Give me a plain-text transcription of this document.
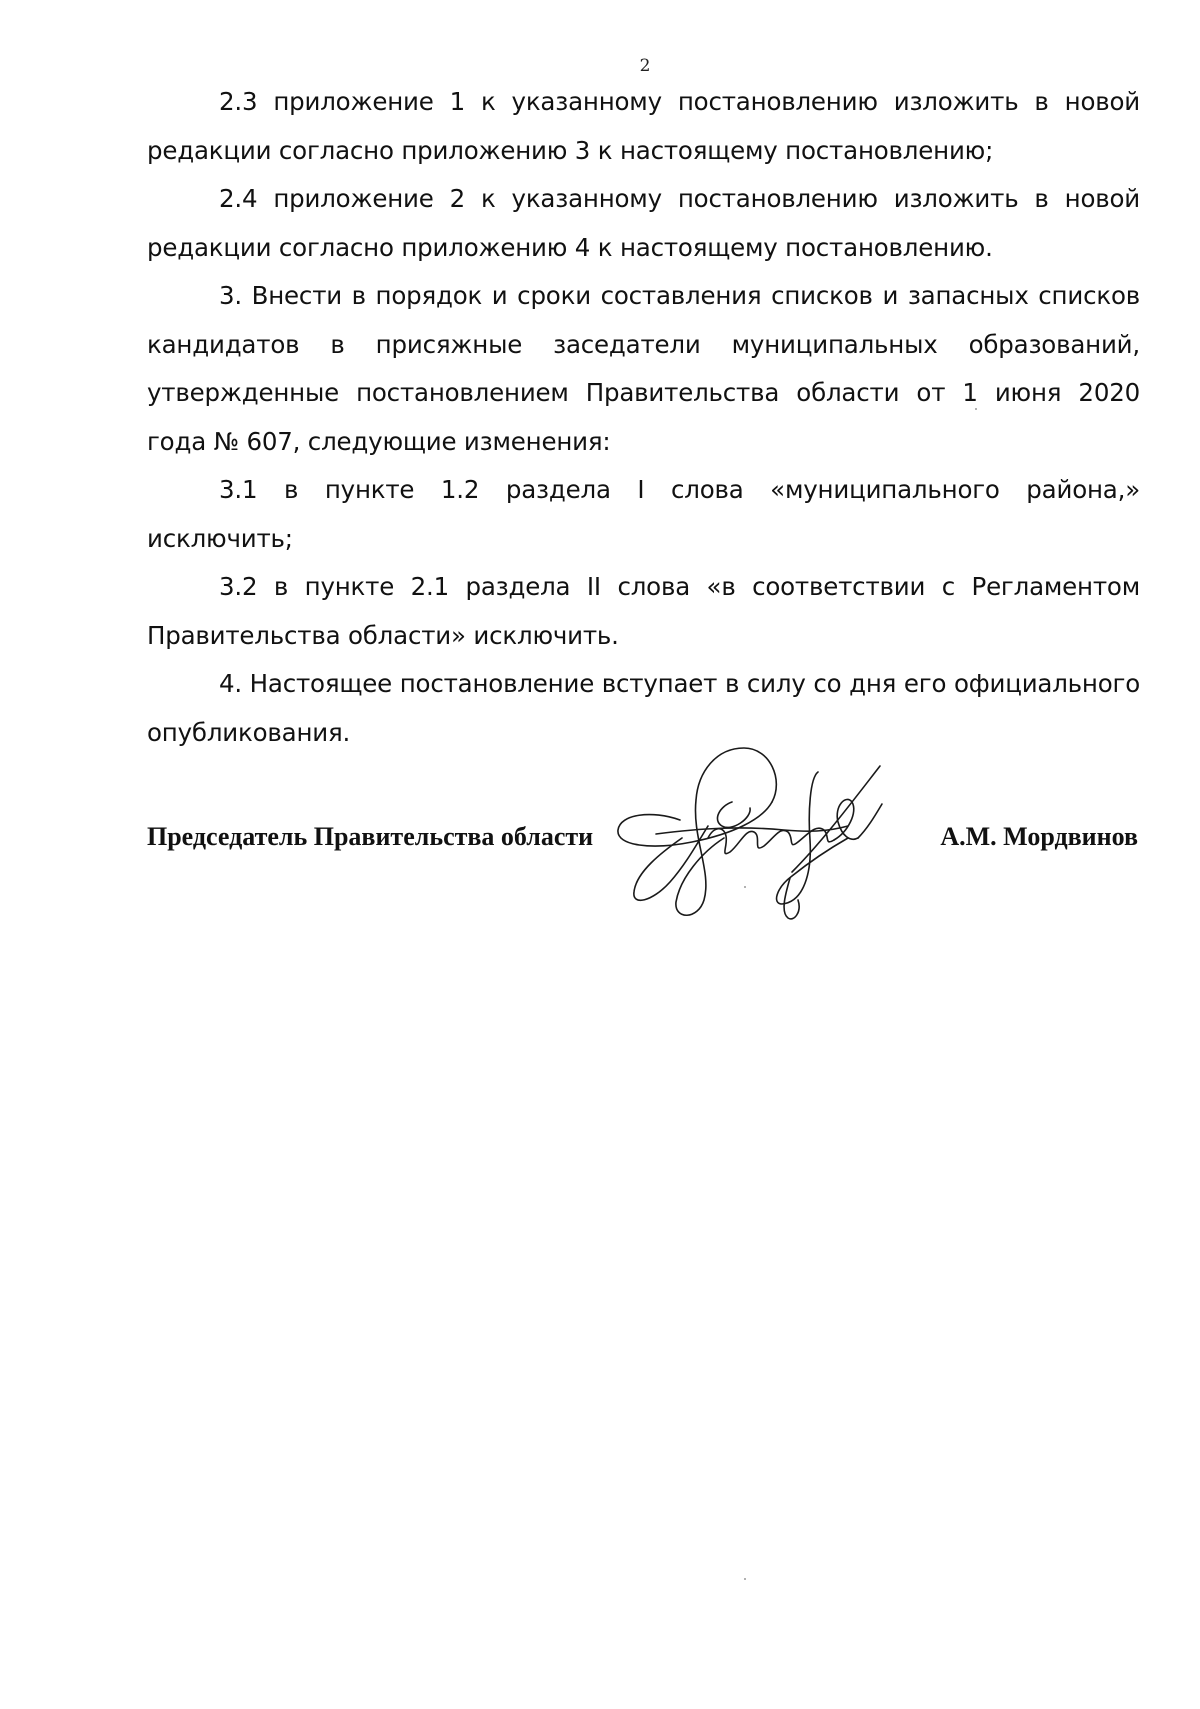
2

2.3 приложение 1 к указанному постановлению изложить в новой редакции согласно приложению 3 к настоящему постановлению;

2.4 приложение 2 к указанному постановлению изложить в новой редакции согласно приложению 4 к настоящему постановлению.

3. Внести в порядок и сроки составления списков и запасных списков кандидатов в присяжные заседатели муниципальных образований, утвержденные постановлением Правительства области от 1 июня 2020 года № 607, следующие изменения:

3.1 в пункте 1.2 раздела I слова «муниципального района,» исключить;

3.2 в пункте 2.1 раздела II слова «в соответствии с Регламентом Правительства области» исключить.

4. Настоящее постановление вступает в силу со дня его официального опубликования.

Председатель Правительства области	А.М. Мордвинов
